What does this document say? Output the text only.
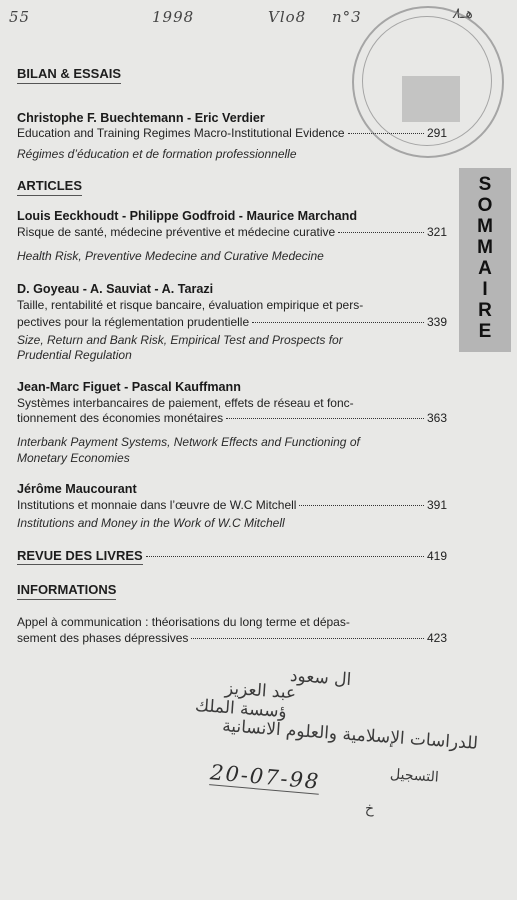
55	1998	Vlo8 n°3	ﻫـ٨
S
O
M
M
A
I
R
E
BILAN & ESSAIS
Christophe F. Buechtemann - Eric Verdier
Education and Training Regimes Macro-Institutional Evidence	291
Régimes d’éducation et de formation professionnelle
ARTICLES
Louis Eeckhoudt - Philippe Godfroid - Maurice Marchand
Risque de santé, médecine préventive et médecine curative	321
Health Risk, Preventive Medecine and Curative Medecine
D. Goyeau - A. Sauviat - A. Tarazi
Taille, rentabilité et risque bancaire, évaluation empirique et pers-
pectives pour la réglementation prudentielle	339
Size, Return and Bank Risk, Empirical Test and Prospects for
Prudential Regulation
Jean-Marc Figuet - Pascal Kauffmann
Systèmes interbancaires de paiement, effets de réseau et fonc-
tionnement des économies monétaires	363
Interbank Payment Systems, Network Effects and Functioning of
Monetary Economies
Jérôme Maucourant
Institutions et monnaie dans l’œuvre de W.C Mitchell	391
Institutions and Money in the Work of W.C Mitchell
REVUE DES LIVRES	419
INFORMATIONS
Appel à communication : théorisations du long terme et dépas-
sement des phases dépressives	423
ال سعود
عبد العزيز
ؤسسة الملك
للدراسات الإسلامية والعلوم الانسانية
التسجيل
خ
20-07-98
